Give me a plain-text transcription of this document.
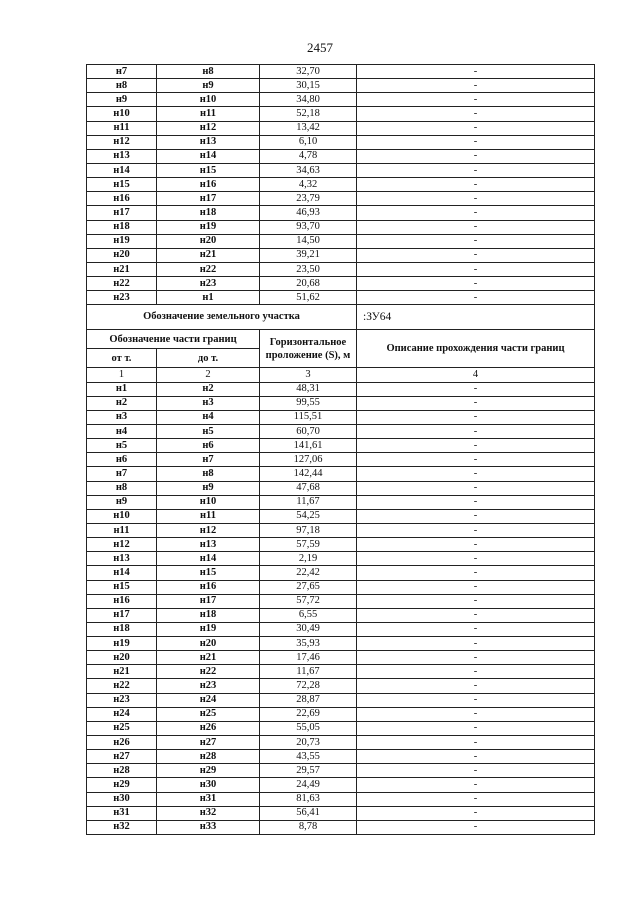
2457
н7	н8	32,70	-
н8	н9	30,15	-
н9	н10	34,80	-
н10	н11	52,18	-
н11	н12	13,42	-
н12	н13	6,10	-
н13	н14	4,78	-
н14	н15	34,63	-
н15	н16	4,32	-
н16	н17	23,79	-
н17	н18	46,93	-
н18	н19	93,70	-
н19	н20	14,50	-
н20	н21	39,21	-
н21	н22	23,50	-
н22	н23	20,68	-
н23	н1	51,62	-
Обозначение земельного участка			:ЗУ64
Обозначение части границ		Горизонтальное проложение (S), м	Описание прохождения части границ
от т.	до т.		
1	2	3	4
н1	н2	48,31	-
н2	н3	99,55	-
н3	н4	115,51	-
н4	н5	60,70	-
н5	н6	141,61	-
н6	н7	127,06	-
н7	н8	142,44	-
н8	н9	47,68	-
н9	н10	11,67	-
н10	н11	54,25	-
н11	н12	97,18	-
н12	н13	57,59	-
н13	н14	2,19	-
н14	н15	22,42	-
н15	н16	27,65	-
н16	н17	57,72	-
н17	н18	6,55	-
н18	н19	30,49	-
н19	н20	35,93	-
н20	н21	17,46	-
н21	н22	11,67	-
н22	н23	72,28	-
н23	н24	28,87	-
н24	н25	22,69	-
н25	н26	55,05	-
н26	н27	20,73	-
н27	н28	43,55	-
н28	н29	29,57	-
н29	н30	24,49	-
н30	н31	81,63	-
н31	н32	56,41	-
н32	н33	8,78	-
